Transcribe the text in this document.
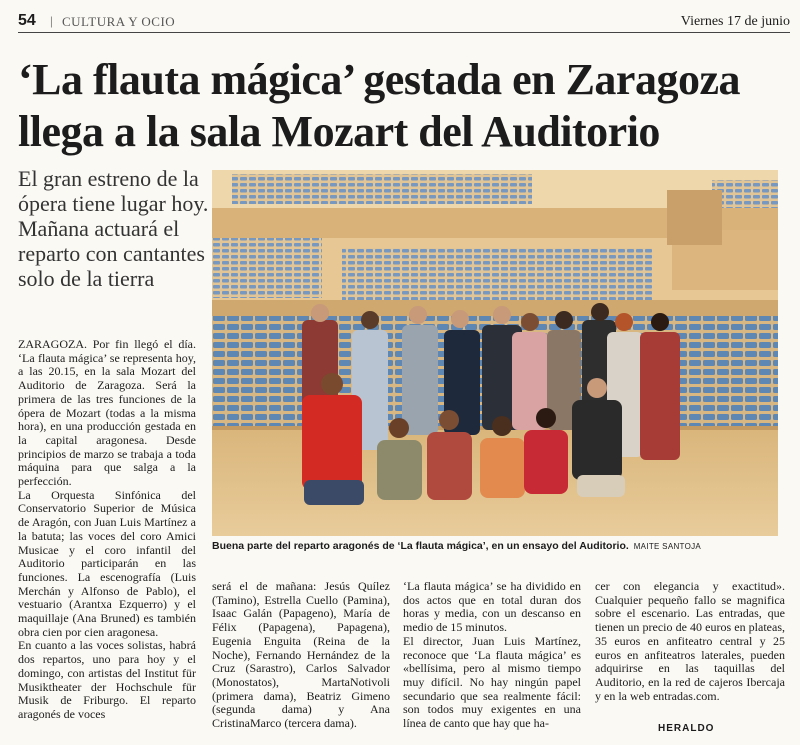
54 | CULTURA Y OCIO	Viernes 17 de junio
‘La flauta mágica’ gestada en Zaragoza llega a la sala Mozart del Auditorio
El gran estreno de la ópera tiene lugar hoy. Mañana actuará el reparto con cantantes solo de la tierra
ZARAGOZA. Por fin llegó el día. ‘La flauta mágica’ se representa hoy, a las 20.15, en la sala Mozart del Auditorio de Zaragoza. Será la primera de las tres funciones de la ópera de Mozart (todas a la misma hora), en una producción gestada en la capital aragonesa. Desde principios de marzo se trabaja a toda máquina para que salga a la perfección.
La Orquesta Sinfónica del Conservatorio Superior de Música de Aragón, con Juan Luis Martínez a la batuta; las voces del coro Amici Musicae y el coro infantil del Auditorio participarán en las funciones. La escenografía (Luis Merchán y Alfonso de Pablo), el vestuario (Arantxa Ezquerro) y el maquillaje (Ana Bruned) es también obra cien por cien aragonesa.
En cuanto a las voces solistas, habrá dos repartos, uno para hoy y el domingo, con artistas del Institut für Musiktheater der Hochschule für Musik de Friburgo. El reparto aragonés de voces
Buena parte del reparto aragonés de ‘La flauta mágica’, en un ensayo del Auditorio. MAITE SANTOJA
será el de mañana: Jesús Quílez (Tamino), Estrella Cuello (Pamina), Isaac Galán (Papageno), María de Félix (Papagena), Papagena), Eugenia Enguita (Reina de la Noche), Fernando Hernández de la Cruz (Sarastro), Carlos Salvador (Monostatos), MartaNotivoli (primera dama), Beatriz Gimeno (segunda dama) y Ana CristinaMarco (tercera dama).
‘La flauta mágica’ se ha dividido en dos actos que en total duran dos horas y media, con un descanso en medio de 15 minutos.
El director, Juan Luis Martínez, reconoce que ‘La flauta mágica’ es «bellísima, pero al mismo tiempo muy difícil. No hay ningún papel secundario que sea realmente fácil: son todos muy exigentes en una línea de canto que hay que ha-
cer con elegancia y exactitud». Cualquier pequeño fallo se magnifica sobre el escenario. Las entradas, que tienen un precio de 40 euros en plateas, 35 euros en anfiteatro central y 25 euros en anfiteatros laterales, pueden adquirirse en las taquillas del Auditorio, en la red de cajeros Ibercaja y en la web entradas.com.
HERALDO
